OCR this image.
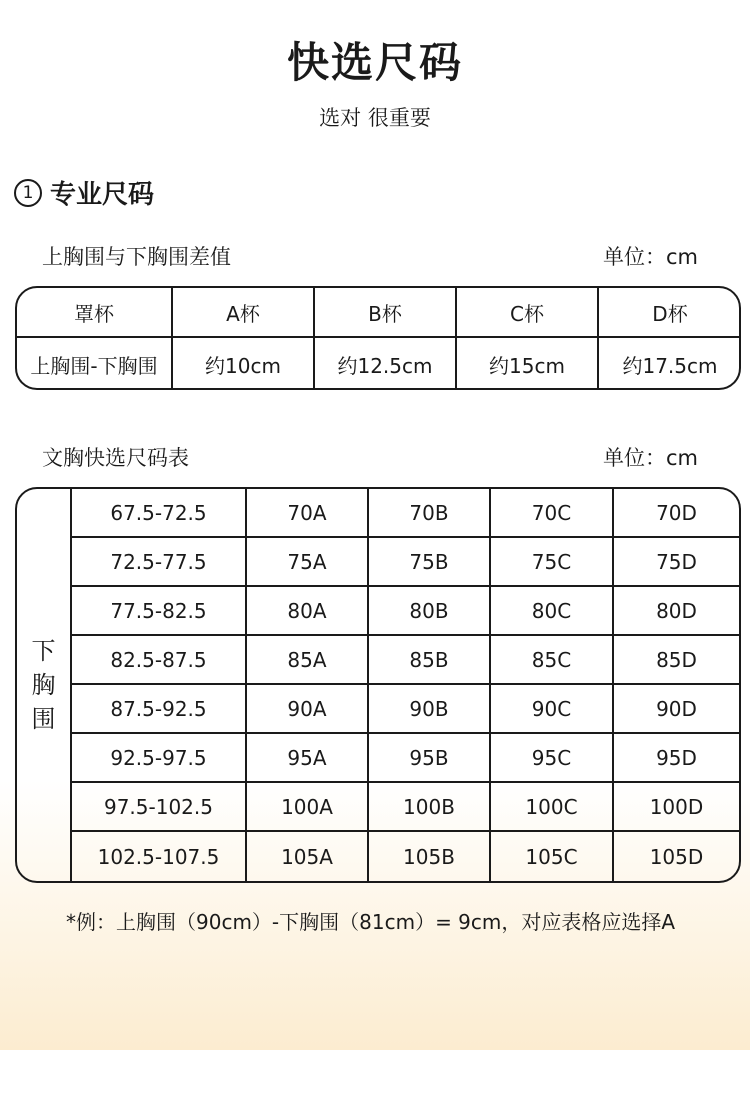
快选尺码
选对 很重要
1 专业尺码
上胸围与下胸围差值	单位：cm
罩杯	A杯	B杯	C杯	D杯
上胸围-下胸围	约10cm	约12.5cm	约15cm	约17.5cm
文胸快选尺码表	单位：cm
下胸围
67.5-72.5	70A	70B	70C	70D
72.5-77.5	75A	75B	75C	75D
77.5-82.5	80A	80B	80C	80D
82.5-87.5	85A	85B	85C	85D
87.5-92.5	90A	90B	90C	90D
92.5-97.5	95A	95B	95C	95D
97.5-102.5	100A	100B	100C	100D
102.5-107.5	105A	105B	105C	105D
*例：上胸围（90cm）-下胸围（81cm）= 9cm，对应表格应选择A
